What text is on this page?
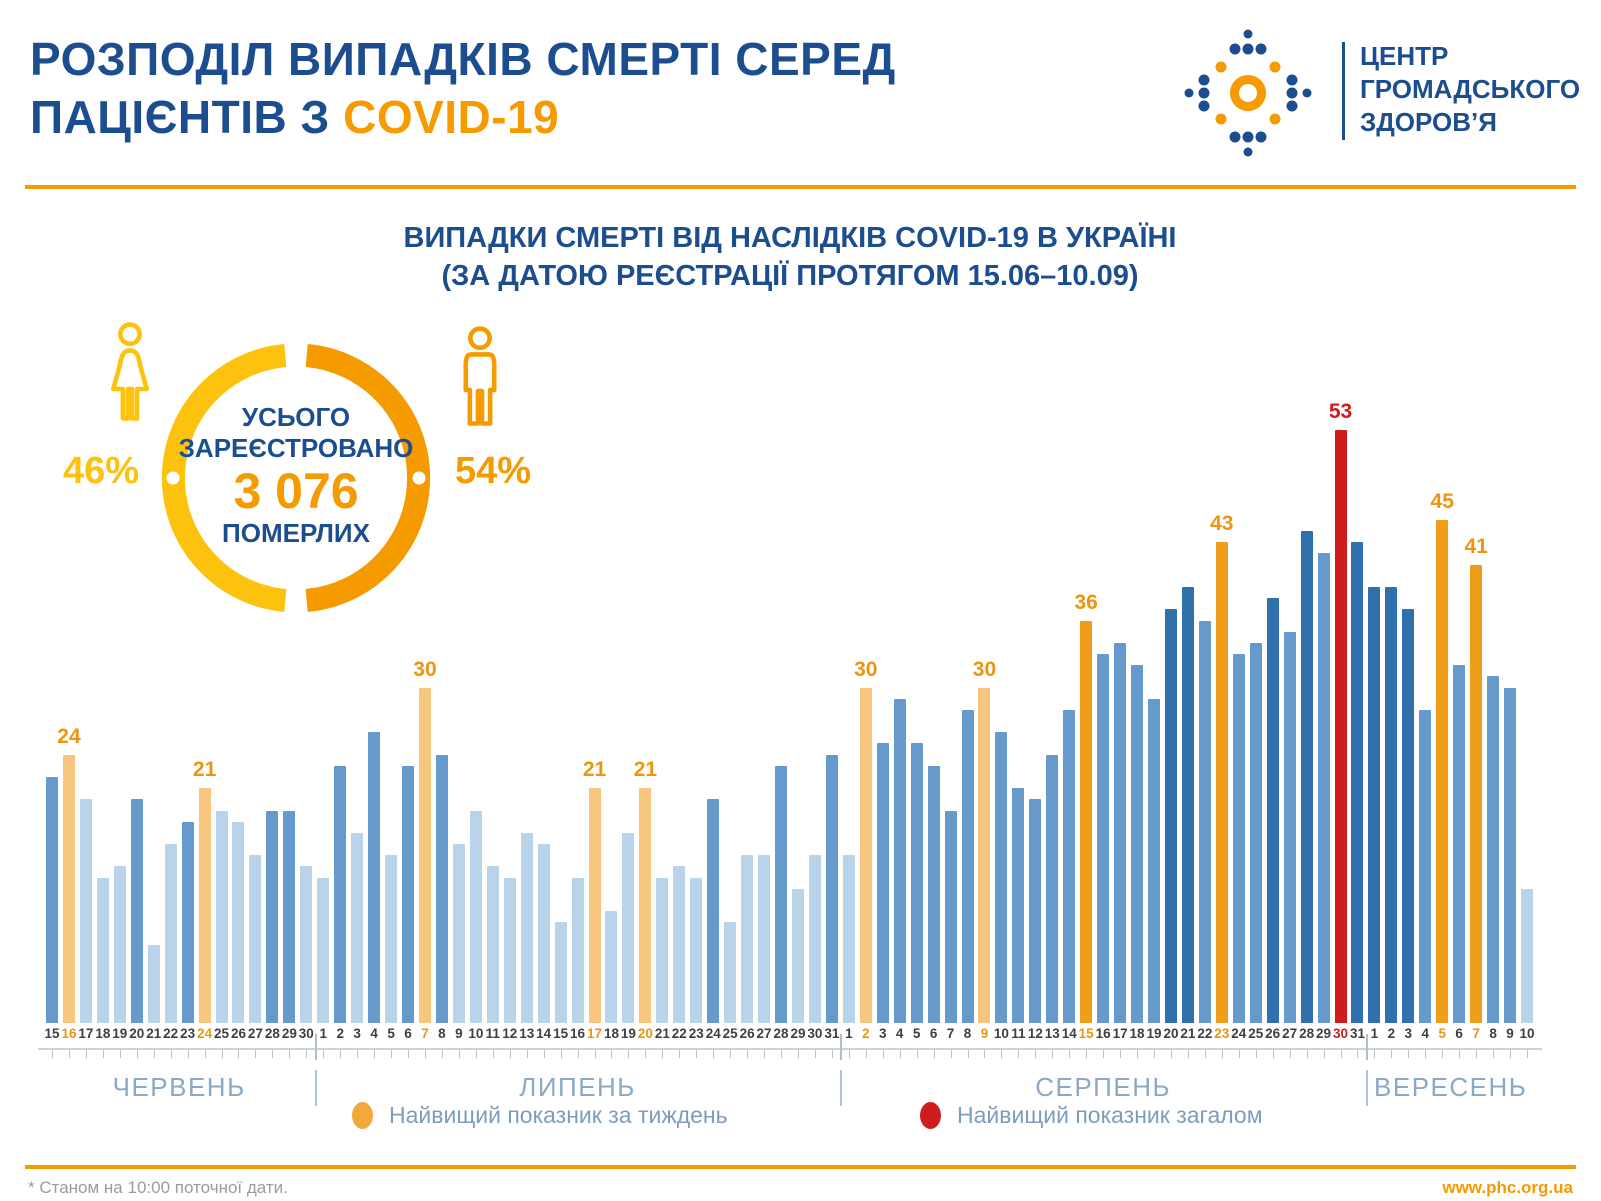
РОЗПОДІЛ ВИПАДКІВ СМЕРТІ СЕРЕД
ПАЦІЄНТІВ З COVID-19
ЦЕНТР
ГРОМАДСЬКОГО
ЗДОРОВ’Я
ВИПАДКИ СМЕРТІ ВІД НАСЛІДКІВ COVID-19 В УКРАЇНІ
(ЗА ДАТОЮ РЕЄСТРАЦІЇ ПРОТЯГОМ 15.06–10.09)
46%
УСЬОГО
ЗАРЕЄСТРОВАНО
3 076
ПОМЕРЛИХ
54%
15
24
16 17 18 19 20 21 22 23
21
24 25 26 27 28 29 30 1 2 3 4 5 6
30
7 8 9 10 11 12 13 14 15 16
21
17 18 19
21
20 21 22 23 24 25 26 27 28 29 30 31 1
30
2 3 4 5 6 7 8
30
9 10 11 12 13 14
36
15 16 17 18 19 20 21 22
43
23 24 25 26 27 28 29
53
30 31 1 2 3 4
45
5 6
41
7 8 9 10
ЧЕРВЕНЬ	ЛИПЕНЬ	СЕРПЕНЬ	ВЕРЕСЕНЬ
Найвищий показник за тиждень	Найвищий показник загалом
* Станом на 10:00 поточної дати.	www.phc.org.ua
